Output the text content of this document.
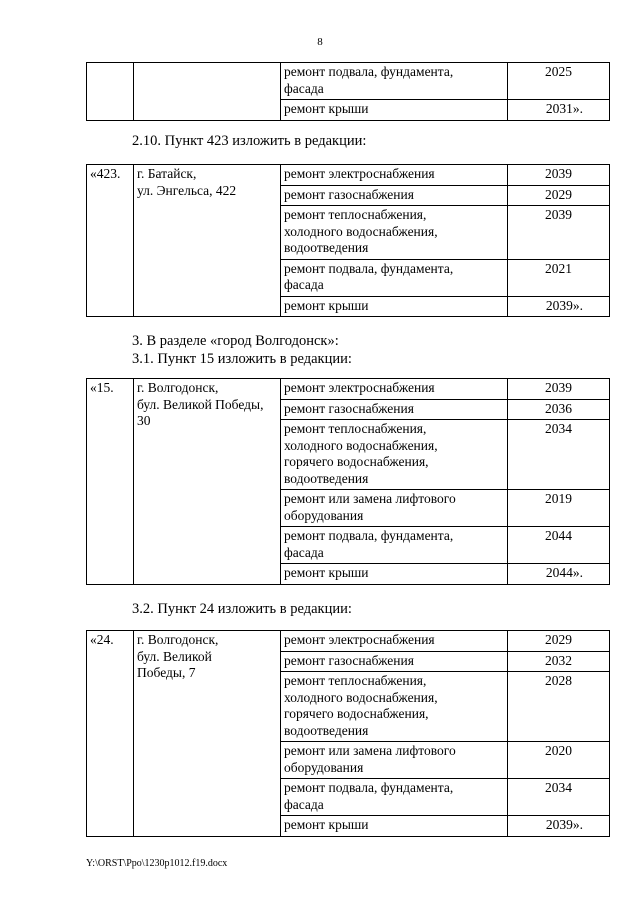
8
		ремонт подвала, фундамента,
фасада	2025
		ремонт крыши	2031».
2.10. Пункт 423 изложить в редакции:
«423.	г. Батайск,
ул. Энгельса, 422	ремонт электроснабжения	2039
		ремонт газоснабжения	2029
		ремонт теплоснабжения,
холодного водоснабжения,
водоотведения	2039
		ремонт подвала, фундамента,
фасада	2021
		ремонт крыши	2039».
3. В разделе «город Волгодонск»:
3.1. Пункт 15 изложить в редакции:
«15.	г. Волгодонск,
бул. Великой Победы,
30	ремонт электроснабжения	2039
		ремонт газоснабжения	2036
		ремонт теплоснабжения,
холодного водоснабжения,
горячего водоснабжения,
водоотведения	2034
		ремонт или замена лифтового
оборудования	2019
		ремонт подвала, фундамента,
фасада	2044
		ремонт крыши	2044».
3.2. Пункт 24 изложить в редакции:
«24.	г. Волгодонск,
бул. Великой
Победы, 7	ремонт электроснабжения	2029
		ремонт газоснабжения	2032
		ремонт теплоснабжения,
холодного водоснабжения,
горячего водоснабжения,
водоотведения	2028
		ремонт или замена лифтового
оборудования	2020
		ремонт подвала, фундамента,
фасада	2034
		ремонт крыши	2039».
Y:\ORST\Ppo\1230p1012.f19.docx
